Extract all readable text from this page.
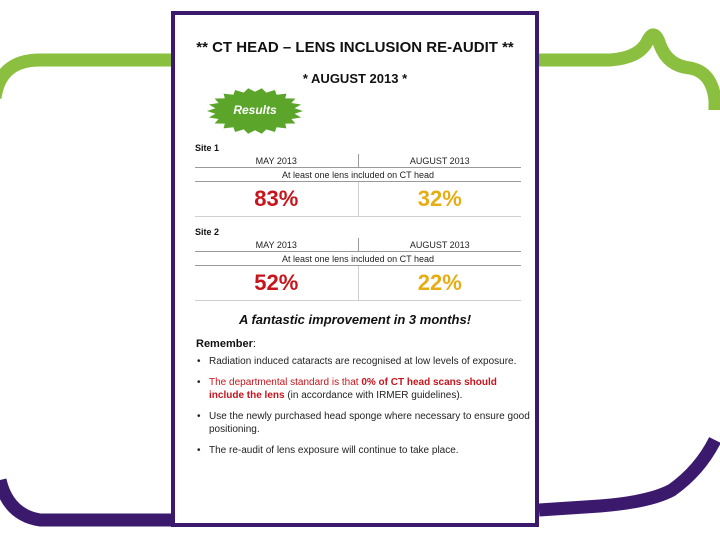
** CT HEAD – LENS INCLUSION RE-AUDIT **
* AUGUST 2013 *
Results
Site 1
MAY 2013	AUGUST 2013
At least one lens included on CT head	
83%	32%
Site 2
MAY 2013	AUGUST 2013
At least one lens included on CT head	
52%	22%
A fantastic improvement in 3 months!
Remember:
• Radiation induced cataracts are recognised at low levels of exposure.
• The departmental standard is that 0% of CT head scans should include the lens (in accordance with IRMER guidelines).
• Use the newly purchased head sponge where necessary to ensure good positioning.
• The re-audit of lens exposure will continue to take place.
